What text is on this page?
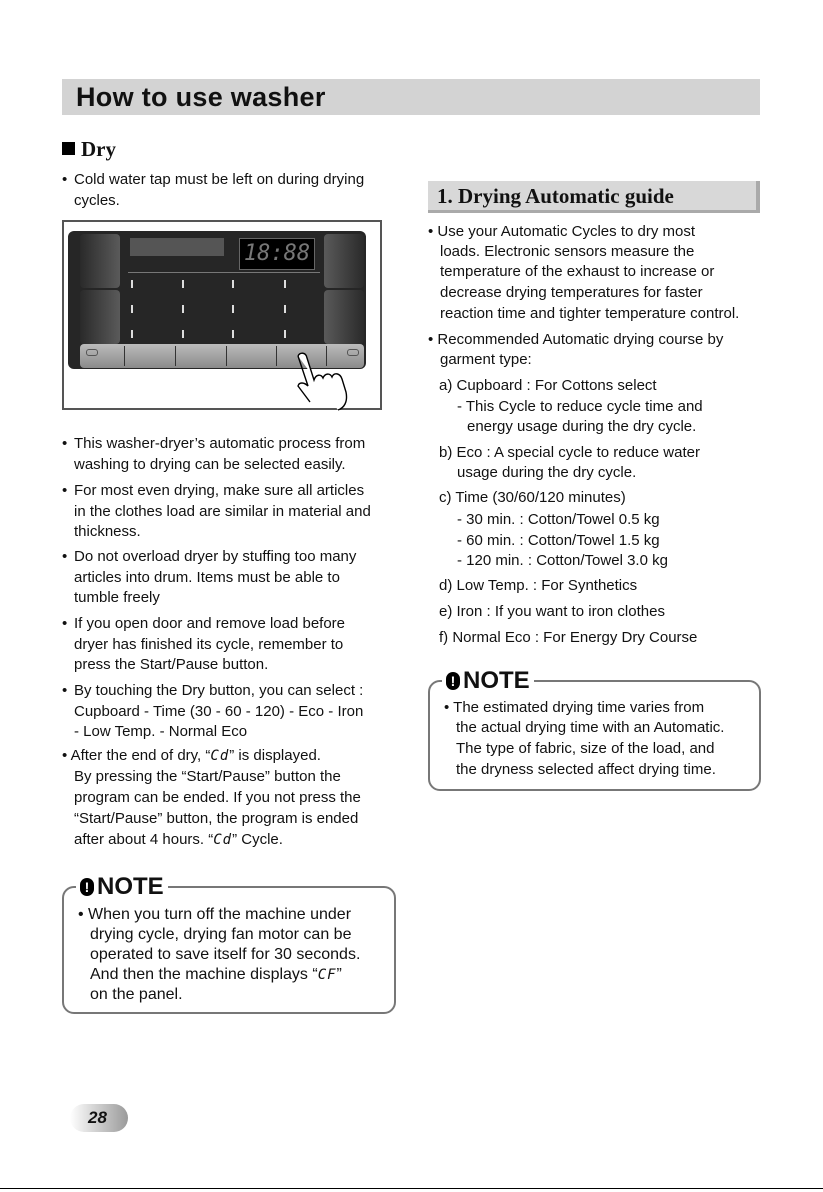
How to use washer
Dry
• Cold water tap must be left on during drying
cycles.
18:88
• This washer-dryer’s automatic process from
washing to drying can be selected easily.
• For most even drying, make sure all articles
in the clothes load are similar in material and
thickness.
• Do not overload dryer by stuffing too many
articles into drum. Items must be able to
tumble freely
• If you open door and remove load before
dryer has finished its cycle, remember to
press the Start/Pause button.
• By touching the Dry button, you can select :
Cupboard - Time (30 - 60 - 120) - Eco - Iron
- Low Temp. - Normal Eco
• After the end of dry, “Cd” is displayed.
By pressing the “Start/Pause” button the
program can be ended. If you not press the
“Start/Pause” button, the program is ended
after about 4 hours. “Cd” Cycle.
! NOTE
• When you turn off the machine under
drying cycle, drying fan motor can be
operated to save itself for 30 seconds.
And then the machine displays “CF”
on the panel.
1. Drying Automatic guide
• Use your Automatic Cycles to dry most
loads. Electronic sensors measure the
temperature of the exhaust to increase or
decrease drying temperatures for faster
reaction time and tighter temperature control.
• Recommended Automatic drying course by
garment type:
a) Cupboard : For Cottons select
- This Cycle to reduce cycle time and
energy usage during the dry cycle.
b) Eco : A special cycle to reduce water
usage during the dry cycle.
c) Time (30/60/120 minutes)
- 30 min. : Cotton/Towel 0.5 kg
- 60 min. : Cotton/Towel 1.5 kg
- 120 min. : Cotton/Towel 3.0 kg
d) Low Temp. : For Synthetics
e) Iron : If you want to iron clothes
f) Normal Eco : For Energy Dry Course
! NOTE
• The estimated drying time varies from
the actual drying time with an Automatic.
The type of fabric, size of the load, and
the dryness selected affect drying time.
28
